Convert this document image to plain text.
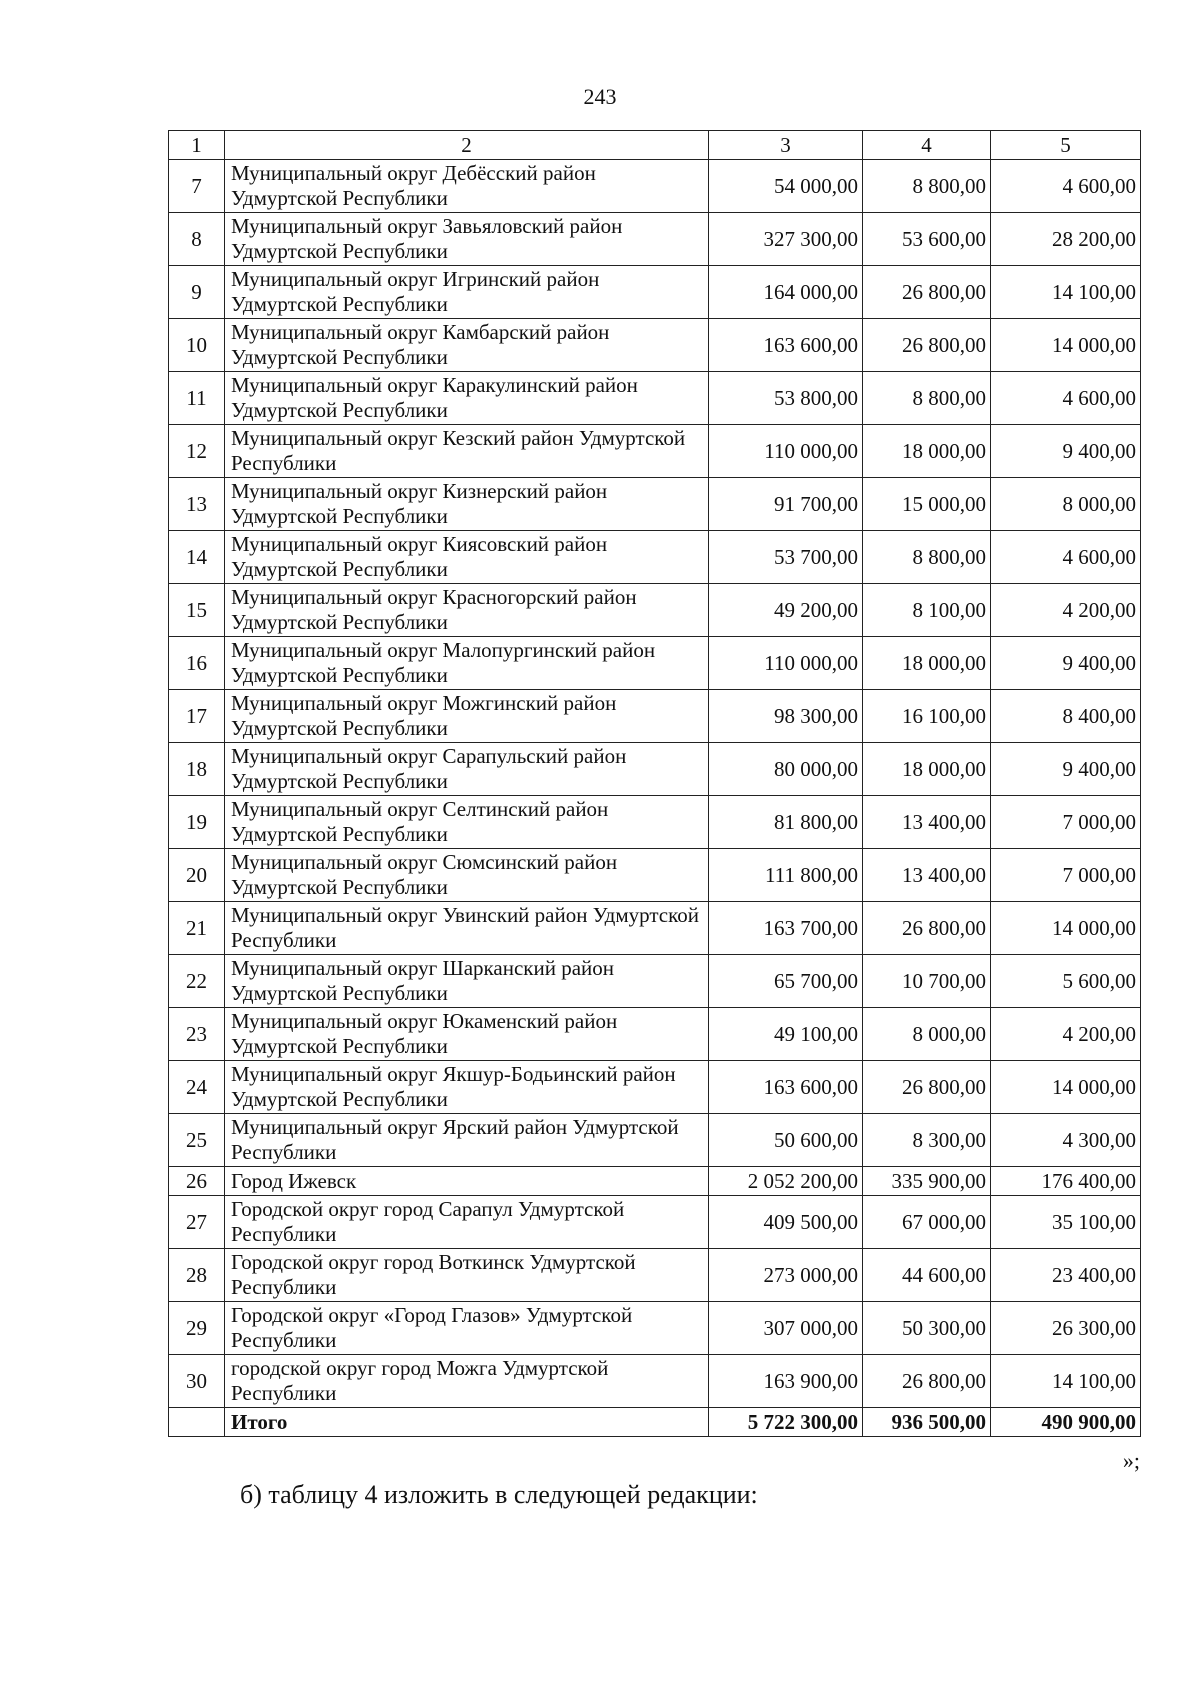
243
1	2	3	4	5
7	Муниципальный округ Дебёсский район Удмуртской Республики	54 000,00	8 800,00	4 600,00
8	Муниципальный округ Завьяловский район Удмуртской Республики	327 300,00	53 600,00	28 200,00
9	Муниципальный округ Игринский район Удмуртской Республики	164 000,00	26 800,00	14 100,00
10	Муниципальный округ Камбарский район Удмуртской Республики	163 600,00	26 800,00	14 000,00
11	Муниципальный округ Каракулинский район Удмуртской Республики	53 800,00	8 800,00	4 600,00
12	Муниципальный округ Кезский район Удмуртской Республики	110 000,00	18 000,00	9 400,00
13	Муниципальный округ Кизнерский район Удмуртской Республики	91 700,00	15 000,00	8 000,00
14	Муниципальный округ Киясовский район Удмуртской Республики	53 700,00	8 800,00	4 600,00
15	Муниципальный округ Красногорский район Удмуртской Республики	49 200,00	8 100,00	4 200,00
16	Муниципальный округ Малопургинский район Удмуртской Республики	110 000,00	18 000,00	9 400,00
17	Муниципальный округ Можгинский район Удмуртской Республики	98 300,00	16 100,00	8 400,00
18	Муниципальный округ Сарапульский район Удмуртской Республики	80 000,00	18 000,00	9 400,00
19	Муниципальный округ Селтинский район Удмуртской Республики	81 800,00	13 400,00	7 000,00
20	Муниципальный округ Сюмсинский район Удмуртской Республики	111 800,00	13 400,00	7 000,00
21	Муниципальный округ Увинский район Удмуртской Республики	163 700,00	26 800,00	14 000,00
22	Муниципальный округ Шарканский район Удмуртской Республики	65 700,00	10 700,00	5 600,00
23	Муниципальный округ Юкаменский район Удмуртской Республики	49 100,00	8 000,00	4 200,00
24	Муниципальный округ Якшур-Бодьинский район Удмуртской Республики	163 600,00	26 800,00	14 000,00
25	Муниципальный округ Ярский район Удмуртской Республики	50 600,00	8 300,00	4 300,00
26	Город Ижевск	2 052 200,00	335 900,00	176 400,00
27	Городской округ город Сарапул Удмуртской Республики	409 500,00	67 000,00	35 100,00
28	Городской округ город Воткинск Удмуртской Республики	273 000,00	44 600,00	23 400,00
29	Городской округ «Город Глазов» Удмуртской Республики	307 000,00	50 300,00	26 300,00
30	городской округ город Можга Удмуртской Республики	163 900,00	26 800,00	14 100,00
	Итого	5 722 300,00	936 500,00	490 900,00
»;
б) таблицу 4 изложить в следующей редакции:
